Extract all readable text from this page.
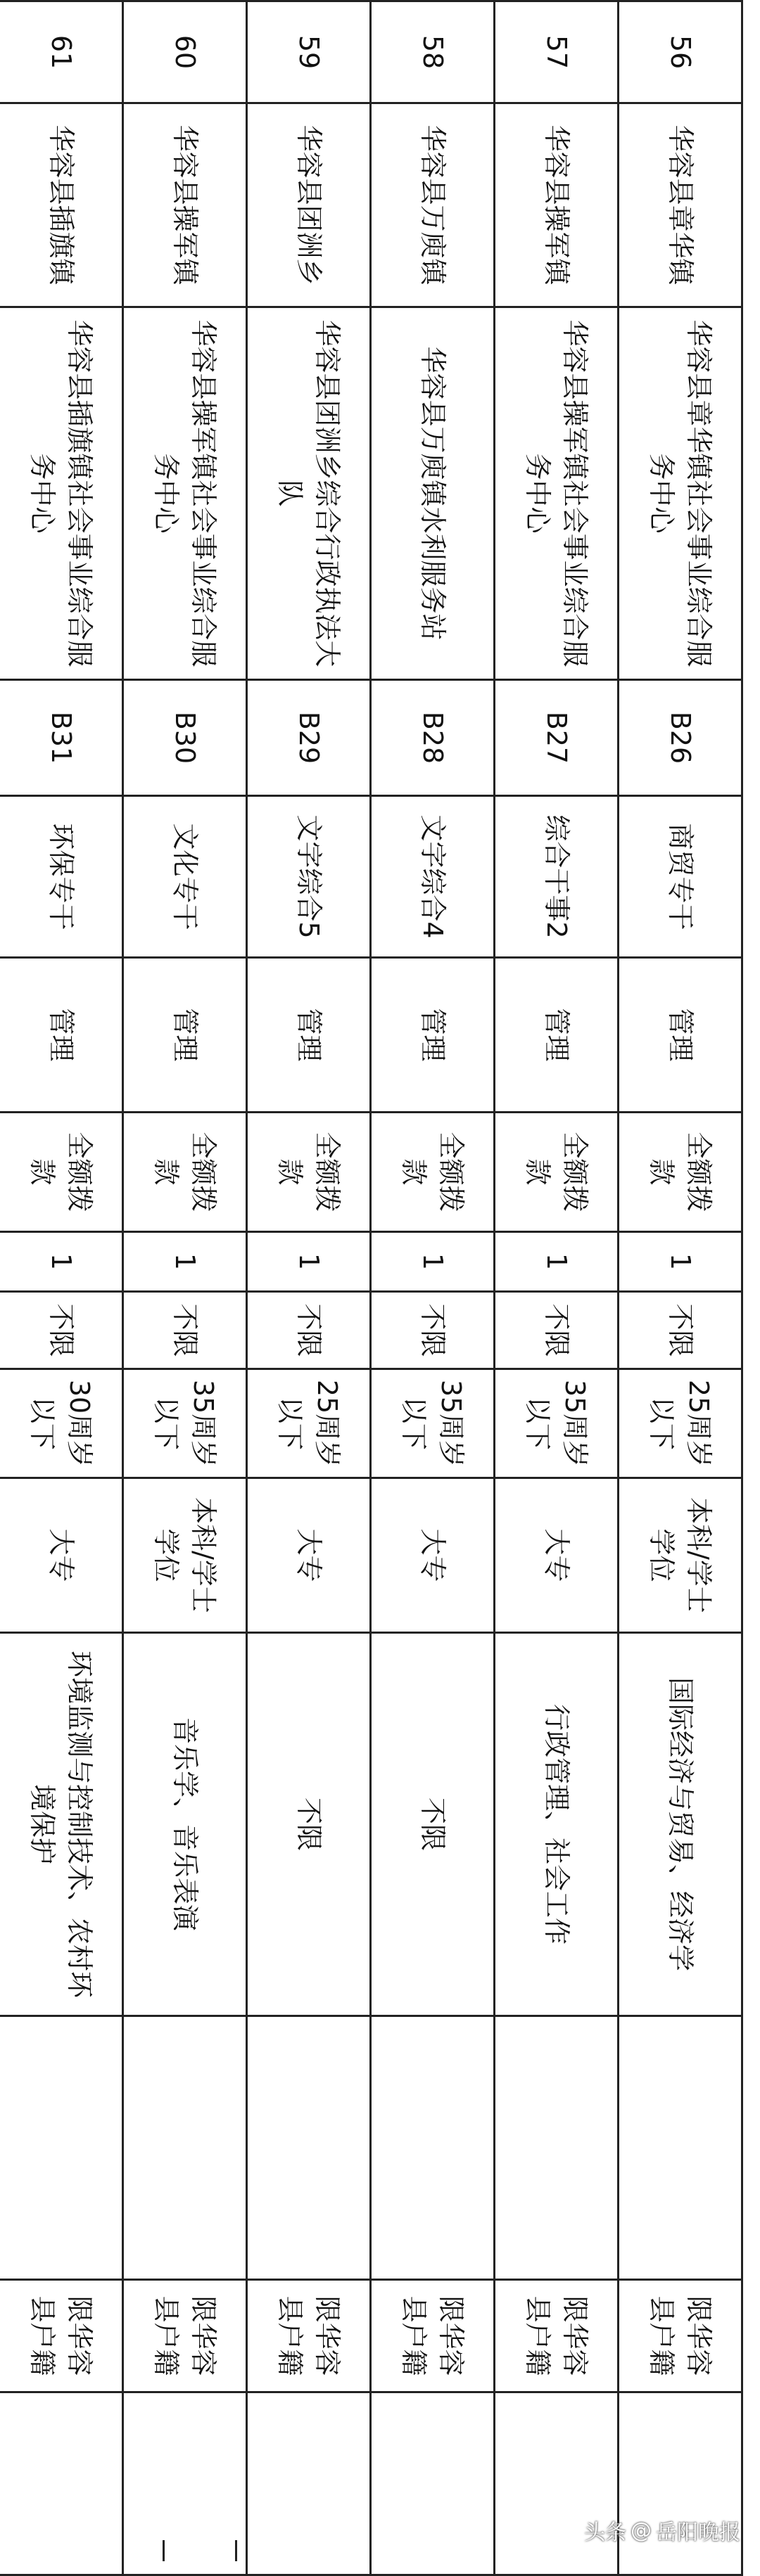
56	华容县章华镇	华容县章华镇社会事业综合服务中心	B26	商贸专干	管理	全额拨款	1	不限	25周岁以下	本科/学士学位	国际经济与贸易、经济学		限华容县户籍	
57	华容县操军镇	华容县操军镇社会事业综合服务中心	B27	综合干事2	管理	全额拨款	1	不限	35周岁以下	大专	行政管理、社会工作		限华容县户籍	
58	华容县万庾镇	华容县万庾镇水利服务站	B28	文字综合4	管理	全额拨款	1	不限	35周岁以下	大专	不限		限华容县户籍	
59	华容县团洲乡	华容县团洲乡综合行政执法大队	B29	文字综合5	管理	全额拨款	1	不限	25周岁以下	大专	不限		限华容县户籍	
60	华容县操军镇	华容县操军镇社会事业综合服务中心	B30	文化专干	管理	全额拨款	1	不限	35周岁以下	本科/学士学位	音乐学、音乐表演		限华容县户籍	
61	华容县插旗镇	华容县插旗镇社会事业综合服务中心	B31	环保专干	管理	全额拨款	1	不限	30周岁以下	大专	环境监测与控制技术、农村环境保护		限华容县户籍	
头条 @ 岳阳晚报
